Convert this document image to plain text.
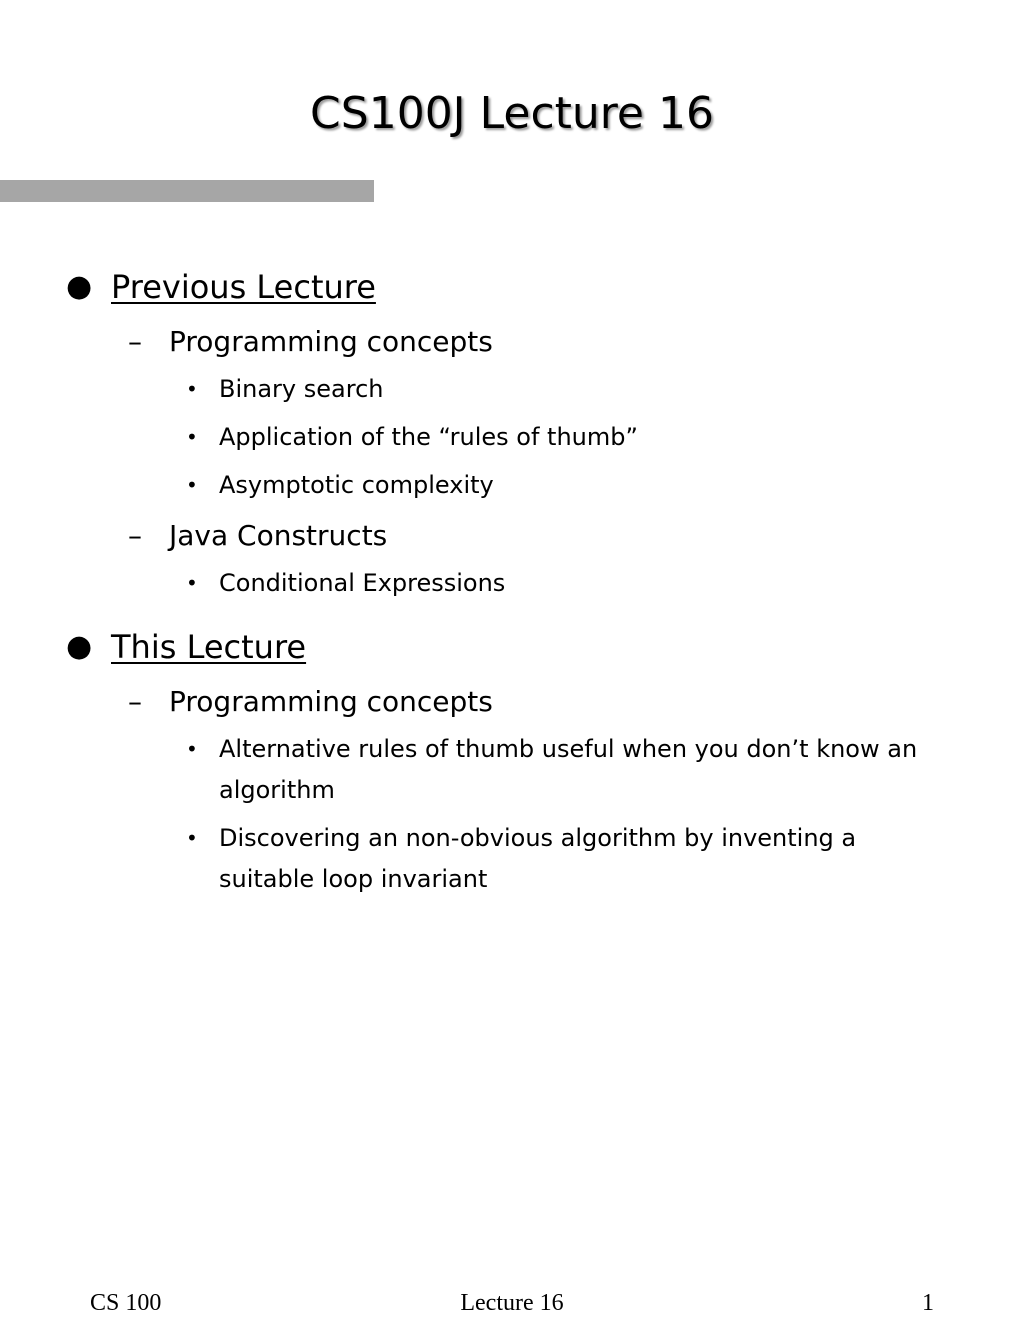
CS100J Lecture 16
● Previous Lecture
– Programming concepts
• Binary search
• Application of the “rules of thumb”
• Asymptotic complexity
– Java Constructs
• Conditional Expressions
● This Lecture
– Programming concepts
• Alternative rules of thumb useful when you don’t know an algorithm
• Discovering an non-obvious algorithm by inventing a suitable loop invariant
CS 100	Lecture 16	1
